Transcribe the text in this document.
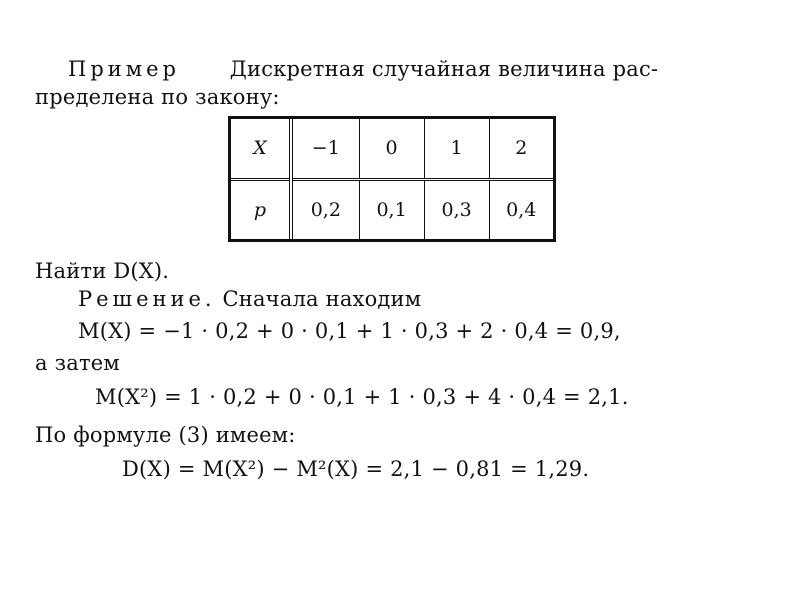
Пример Дискретная случайная величина рас-
пределена по закону:
X	−1	0	1	2
p	0,2	0,1	0,3	0,4
Найти D(X).
Решение. Сначала находим
M(X) = −1 · 0,2 + 0 · 0,1 + 1 · 0,3 + 2 · 0,4 = 0,9,
а затем
M(X²) = 1 · 0,2 + 0 · 0,1 + 1 · 0,3 + 4 · 0,4 = 2,1.
По формуле (3) имеем:
D(X) = M(X²) − M²(X) = 2,1 − 0,81 = 1,29.
